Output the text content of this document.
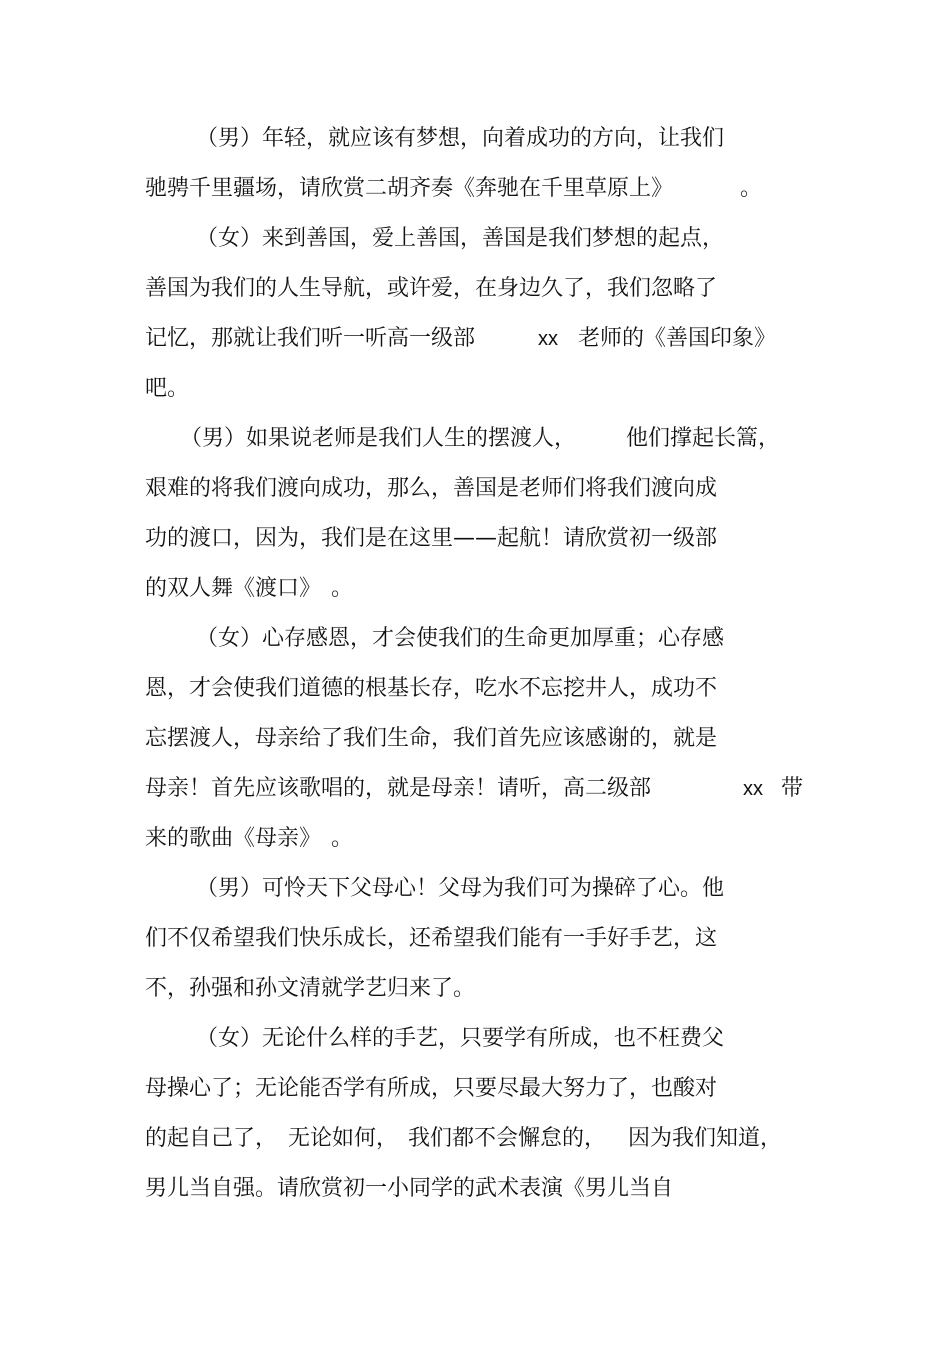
（男）年轻，就应该有梦想，向着成功的方向，让我们
驰骋千里疆场，请欣赏二胡齐奏《奔驰在千里草原上》	。
（女）来到善国，爱上善国，善国是我们梦想的起点，
善国为我们的人生导航，或许爱，在身边久了，我们忽略了
记忆，那就让我们听一听高一级部	xx 老师的《善国印象》
吧。
（男）如果说老师是我们人生的摆渡人， 他们撑起长篙，
艰难的将我们渡向成功，那么，善国是老师们将我们渡向成
功的渡口，因为，我们是在这里——起航！请欣赏初一级部
的双人舞《渡口》 。
（女）心存感恩，才会使我们的生命更加厚重；心存感
恩，才会使我们道德的根基长存，吃水不忘挖井人，成功不
忘摆渡人，母亲给了我们生命，我们首先应该感谢的，就是
母亲！首先应该歌唱的，就是母亲！请听，高二级部	xx 带
来的歌曲《母亲》 。
（男）可怜天下父母心！父母为我们可为操碎了心。他
们不仅希望我们快乐成长，还希望我们能有一手好手艺，这
不，孙强和孙文清就学艺归来了。
（女）无论什么样的手艺，只要学有所成，也不枉费父
母操心了；无论能否学有所成，只要尽最大努力了，也酸对
的起自己了， 无论如何， 我们都不会懈怠的， 因为我们知道，
男儿当自强。请欣赏初一小同学的武术表演《男儿当自
